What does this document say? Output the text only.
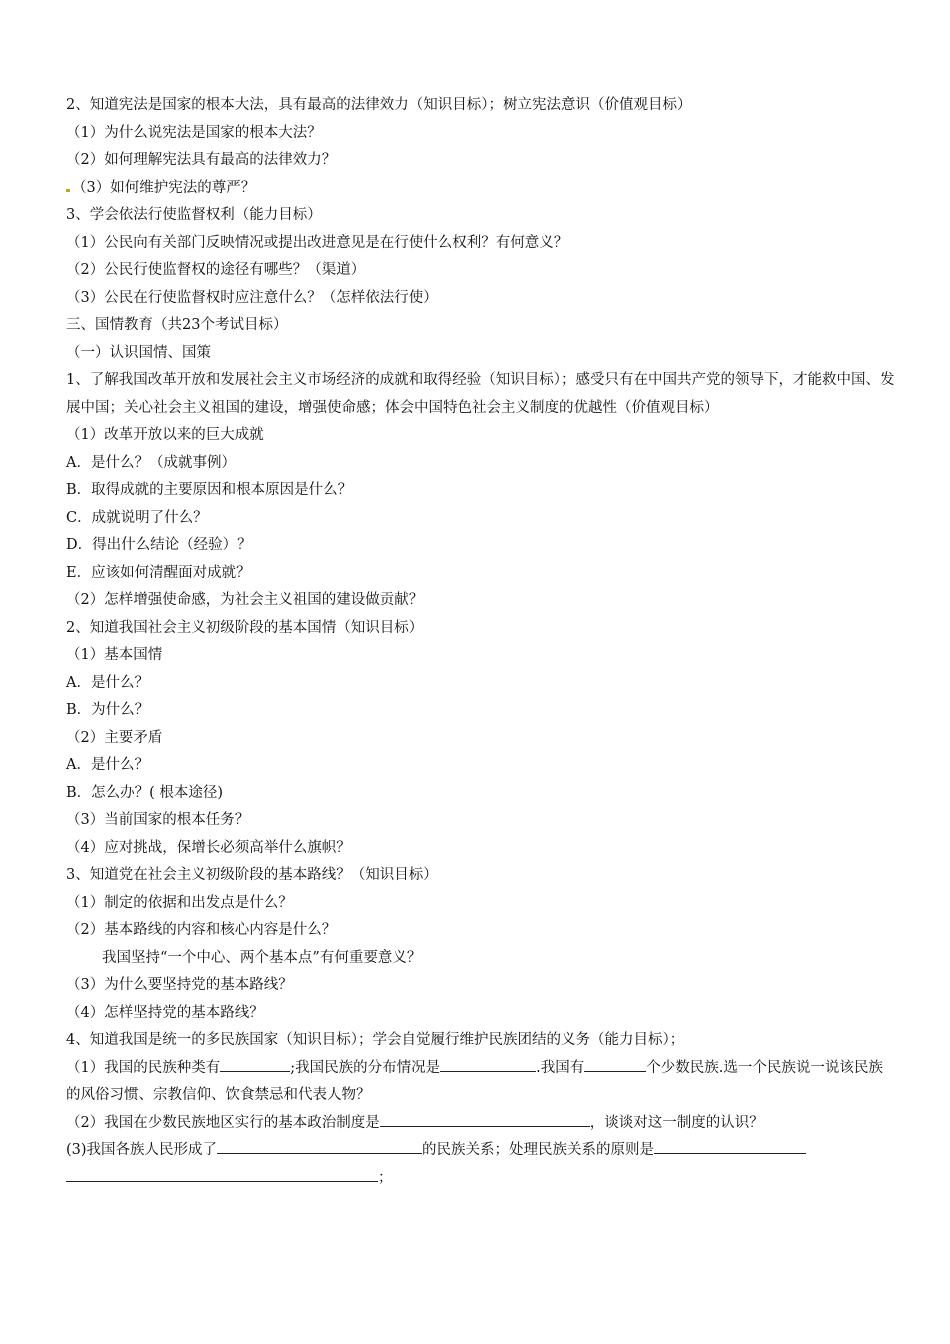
2、知道宪法是国家的根本大法，具有最高的法律效力（知识目标）；树立宪法意识（价值观目标）
（1）为什么说宪法是国家的根本大法？
（2）如何理解宪法具有最高的法律效力？
（3）如何维护宪法的尊严？
3、学会依法行使监督权利（能力目标）
（1）公民向有关部门反映情况或提出改进意见是在行使什么权利？有何意义？
（2）公民行使监督权的途径有哪些？（渠道）
（3）公民在行使监督权时应注意什么？（怎样依法行使）
三、国情教育（共23个考试目标）
（一）认识国情、国策
1、了解我国改革开放和发展社会主义市场经济的成就和取得经验（知识目标）；感受只有在中国共产党的领导下，才能救中国、发展中国；关心社会主义祖国的建设，增强使命感；体会中国特色社会主义制度的优越性（价值观目标）
（1）改革开放以来的巨大成就
A．是什么？（成就事例）
B．取得成就的主要原因和根本原因是什么？
C．成就说明了什么？
D．得出什么结论（经验）？
E．应该如何清醒面对成就？
（2）怎样增强使命感，为社会主义祖国的建设做贡献？
2、知道我国社会主义初级阶段的基本国情（知识目标）
（1）基本国情
A．是什么？
B．为什么？
（2）主要矛盾
A．是什么？
B．怎么办？( 根本途径)
（3）当前国家的根本任务？
（4）应对挑战，保增长必须高举什么旗帜？
3、知道党在社会主义初级阶段的基本路线？（知识目标）
（1）制定的依据和出发点是什么？
（2）基本路线的内容和核心内容是什么？
我国坚持“一个中心、两个基本点”有何重要意义？
（3）为什么要坚持党的基本路线？
（4）怎样坚持党的基本路线？
4、知道我国是统一的多民族国家（知识目标）；学会自觉履行维护民族团结的义务（能力目标）；
（1）我国的民族种类有	;我国民族的分布情况是	.我国有	个少数民族.选一个民族说一说该民族的风俗习惯、宗教信仰、饮食禁忌和代表人物？
（2）我国在少数民族地区实行的基本政治制度是	，谈谈对这一制度的认识？
(3)我国各族人民形成了	的民族关系；处理民族关系的原则是
；
